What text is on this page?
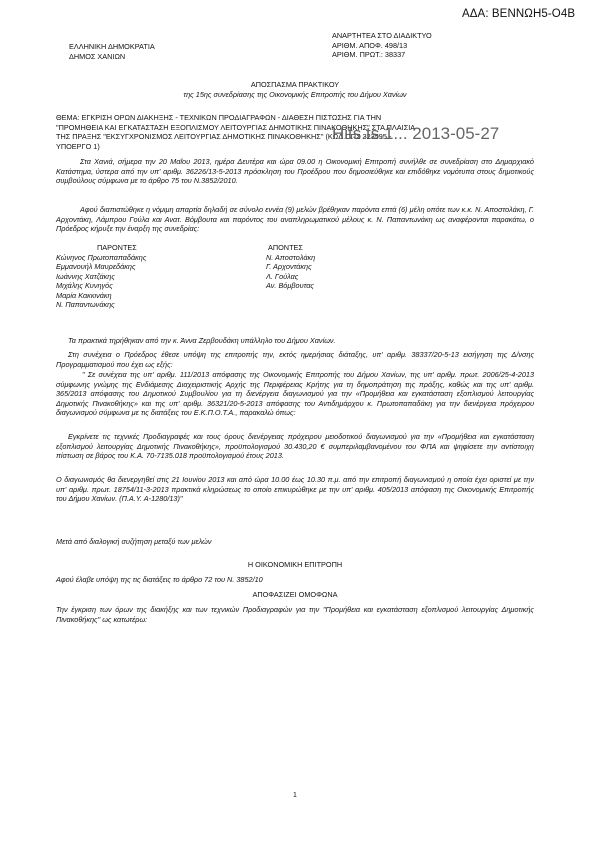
ΑΔΑ: ΒΕΝΝΩΗ5-Ο4Β
ΕΛΛΗΝΙΚΗ ΔΗΜΟΚΡΑΤΙΑ
ΔΗΜΟΣ ΧΑΝΙΩΝ
ΑΝΑΡΤΗΤΕΑ ΣΤΟ ΔΙΑΔΙΚΤΥΟ
ΑΡΙΘΜ. ΑΠΟΦ. 498/13
ΑΡΙΘΜ. ΠΡΩΤ.: 38337
ΑΠΟΣΠΑΣΜΑ ΠΡΑΚΤΙΚΟΥ
της 15ης συνεδρίασης της Οικονομικής Επιτροπής του Δήμου Χανίων
ΘΕΜΑ: ΕΓΚΡΙΣΗ ΟΡΩΝ ΔΙΑΚΗΞΗΣ - ΤΕΧΝΙΚΩΝ ΠΡΟΔΙΑΓΡΑΦΩΝ - ΔΙΑΘΕΣΗ ΠΙΣΤΩΣΗΣ ΓΙΑ ΤΗΝ
"ΠΡΟΜΗΘΕΙΑ ΚΑΙ ΕΓΚΑΤΑΣΤΑΣΗ ΕΞΟΠΛΙΣΜΟΥ ΛΕΙΤΟΥΡΓΙΑΣ ΔΗΜΟΤΙΚΗΣ ΠΙΝΑΚΟΘΗΚΗΣ" ΣΤΑ ΠΛΑΙΣΙΑ
ΤΗΣ ΠΡΑΞΗΣ "ΕΚΣΥΓΧΡΟΝΙΣΜΟΣ ΛΕΙΤΟΥΡΓΙΑΣ ΔΗΜΟΤΙΚΗΣ ΠΙΝΑΚΟΘΗΚΗΣ" (ΚΩΔ.ΟΠΣ 323595 -
ΥΠΟΕΡΓΟ 1)
Hits.ts.1... 2013-05-27
Στα Χανιά, σήμερα την 20 Μαΐου 2013, ημέρα Δευτέρα και ώρα 09.00 η Οικονομική Επιτροπή συνήλθε σε συνεδρίαση στο Δημαρχιακό Κατάστημα, ύστερα από την υπ' αριθμ. 36226/13-5-2013 πρόσκληση του Προέδρου που δημοσιεύθηκε και επιδόθηκε νομότυπα στους δημοτικούς συμβούλους σύμφωνα με το άρθρο 75 του Ν.3852/2010.
Αφού διαπιστώθηκε η νόμιμη απαρτία δηλαδή σε σύνολο εννέα (9) μελών βρέθηκαν παρόντα επτά (6) μέλη οπότε των κ.κ. Ν. Αποστολάκη, Γ. Αρχοντάκη, Λάμπρου Γούλα και Ανατ. Βόμβουτα και παρόντος του αναπληρωματικού μέλους κ. Ν. Παπαντωνάκη ως αναφέρονται παρακάτω, ο Πρόεδρος κήρυξε την έναρξη της συνεδρίας:
ΠΑΡΟΝΤΕΣ	ΑΠΟΝΤΕΣ
Κώνηνος Πρωτοπαπαδάκης
Εμμανουήλ Μαυρεδάκης
Ιωάννης Χατζάκης
Μιχάλης Κυνηγός
Μαρία Κακκινάκη
Ν. Παπαντωνάκης
Ν. Αποστολάκη
Γ. Αρχοντάκης
Λ. Γούλας
Αν. Βόμβουτας
Τα πρακτικά τηρήθηκαν από την κ. Άννα Ζερβουδάκη υπάλληλο του Δήμου Χανίων.
Στη συνέχεια ο Πρόεδρος έθεσε υπόψη της επιτροπής την, εκτός ημερήσιας διάταξης, υπ' αριθμ. 38337/20-5-13 εισήγηση της Δ/νσης Προγραμματισμού που έχει ως εξής:
" Σε συνέχεια της υπ' αριθμ. 111/2013 απόφασης της Οικονομικής Επιτροπής του Δήμου Χανίων, της υπ' αριθμ. πρωτ. 2006/25-4-2013 σύμφωνης γνώμης της Ενδιάμεσης Διαχειριστικής Αρχής της Περιφέρειας Κρήτης για τη δημοπράτηση της πράξης, καθώς και της υπ' αριθμ. 365/2013 απόφασης του Δημοτικού Συμβουλίου για τη διενέργεια διαγωνισμού για την «Προμήθεια και εγκατάσταση εξοπλισμού λειτουργίας Δημοτικής Πινακοθήκης» και της υπ' αριθμ. 36321/20-5-2013 απόφασης του Αντιδημάρχου κ. Πρωτοπαπαδάκη για την διενέργεια πρόχειρου διαγωνισμού σύμφωνα με τις διατάξεις του Ε.Κ.Π.Ο.Τ.Α., παρακαλώ όπως:
Εγκρίνετε τις τεχνικές Προδιαγραφές και τους όρους διενέργειας πρόχειρου μειοδοτικού διαγωνισμού για την «Προμήθεια και εγκατάσταση εξοπλισμού λειτουργίας Δημοτικής Πινακοθήκης», προϋπολογισμού 30.430,20 € συμπεριλαμβανομένου του ΦΠΑ και ψηφίσετε την αντίστοιχη πίστωση σε βάρος του Κ.Α. 70-7135.018 προϋπολογισμού έτους 2013.
Ο διαγωνισμός θα διενεργηθεί στις 21 Ιουνίου 2013 και από ώρα 10.00 έως 10.30 π.μ. από την επιτροπή διαγωνισμού η οποία έχει οριστεί με την υπ' αριθμ. πρωτ. 18754/11-3-2013 πρακτικά κληρώσεως το οποίο επικυρώθηκε με την υπ' αριθμ. 405/2013 απόφαση της Οικονομικής Επιτροπής του Δήμου Χανίων. (Π.Α.Υ. Α-1280/13)"
Μετά από διαλογική συζήτηση μεταξύ των μελών
Η ΟΙΚΟΝΟΜΙΚΗ ΕΠΙΤΡΟΠΗ
Αφού έλαβε υπόψη της τις διατάξεις το άρθρο 72 του Ν. 3852/10
ΑΠΟΦΑΣΙΖΕΙ ΟΜΟΦΩΝΑ
Την έγκριση των όρων της διακήξης και των τεχνικών Προδιαγραφών για την "Προμήθεια και εγκατάσταση εξοπλισμού λειτουργίας Δημοτικής Πινακοθήκης" ως κατωτέρω:
1
